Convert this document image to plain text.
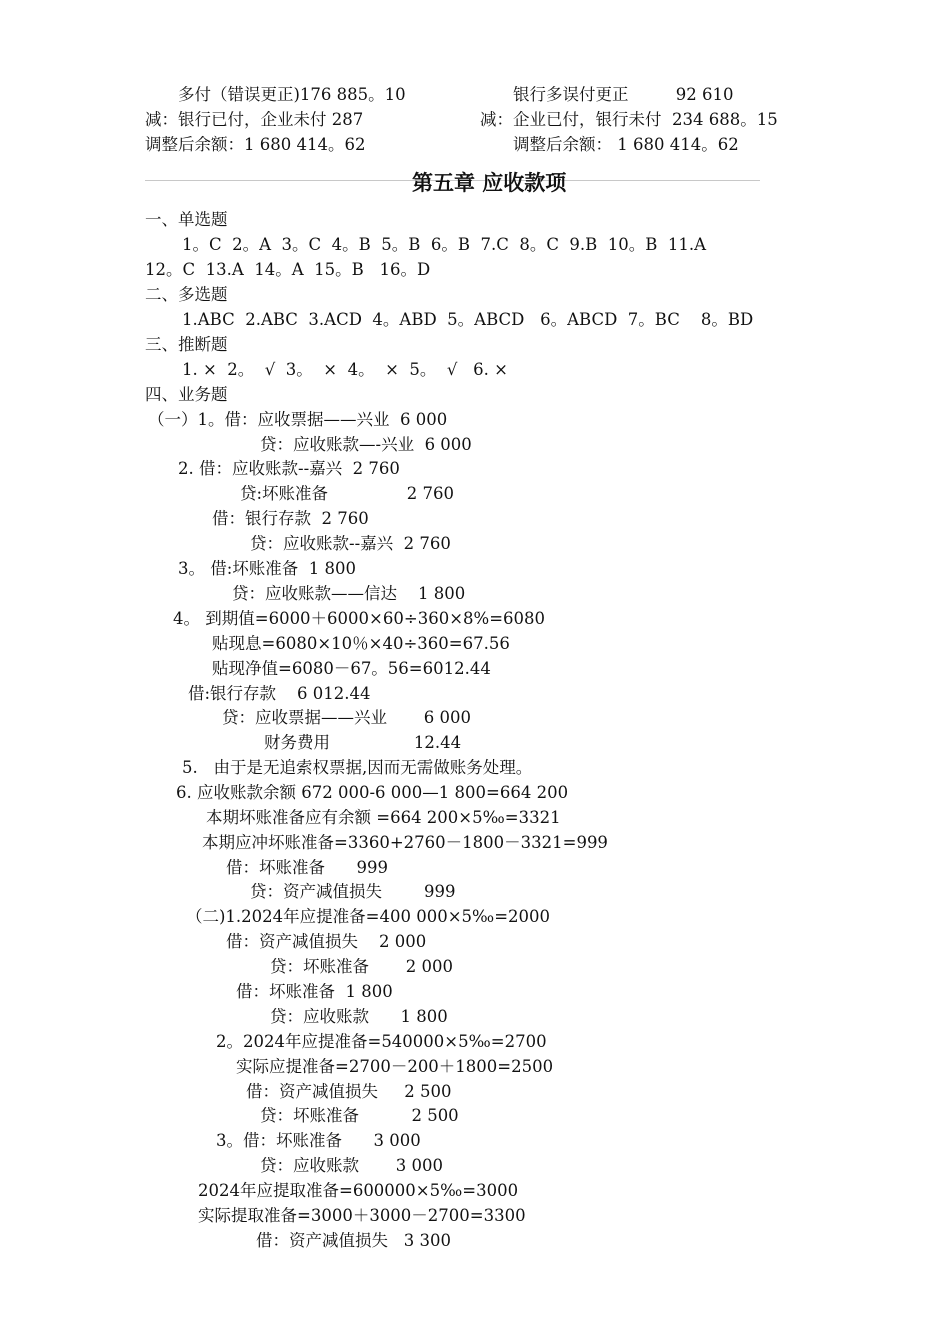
多付（错误更正)176 885。10	银行多误付更正         92 610
减：银行已付，企业未付 287	减：企业已付，银行未付  234 688。15
调整后余额：1 680 414。62	调整后余额： 1 680 414。62
第五章 应收款项
一、单选题
1。C  2。A  3。C  4。B  5。B  6。B  7.C  8。C  9.B  10。B  11.A
12。C  13.A  14。A  15。B   16。D
二、多选题
1.ABC  2.ABC  3.ACD  4。ABD  5。ABCD   6。ABCD  7。BC    8。BD
三、推断题
1. ×  2。  √  3。  ×  4。  ×  5。  √   6. ×
四、业务题
（一）1。借：应收票据——兴业  6 000
贷：应收账款—-兴业  6 000
2. 借：应收账款--嘉兴  2 760
贷:坏账准备               2 760
借：银行存款  2 760
贷：应收账款--嘉兴  2 760
3。 借:坏账准备  1 800
贷：应收账款——信达    1 800
4。 到期值=6000＋6000×60÷360×8%=6080
贴现息=6080×10％×40÷360=67.56
贴现净值=6080－67。56=6012.44
借:银行存款    6 012.44
贷：应收票据——兴业       6 000
财务费用                12.44
5.   由于是无追索权票据,因而无需做账务处理。
6. 应收账款余额 672 000-6 000—1 800=664 200
本期坏账准备应有余额 =664 200×5‰=3321
本期应冲坏账准备=3360+2760－1800－3321=999
借：坏账准备      999
贷：资产减值损失        999
（二)1.2024年应提准备=400 000×5‰=2000
借：资产减值损失    2 000
贷：坏账准备       2 000
借：坏账准备  1 800
贷：应收账款      1 800
2。2024年应提准备=540000×5‰=2700
实际应提准备=2700－200＋1800=2500
借：资产减值损失     2 500
贷：坏账准备          2 500
3。借：坏账准备      3 000
贷：应收账款       3 000
2024年应提取准备=600000×5‰=3000
实际提取准备=3000＋3000－2700=3300
借：资产减值损失   3 300
